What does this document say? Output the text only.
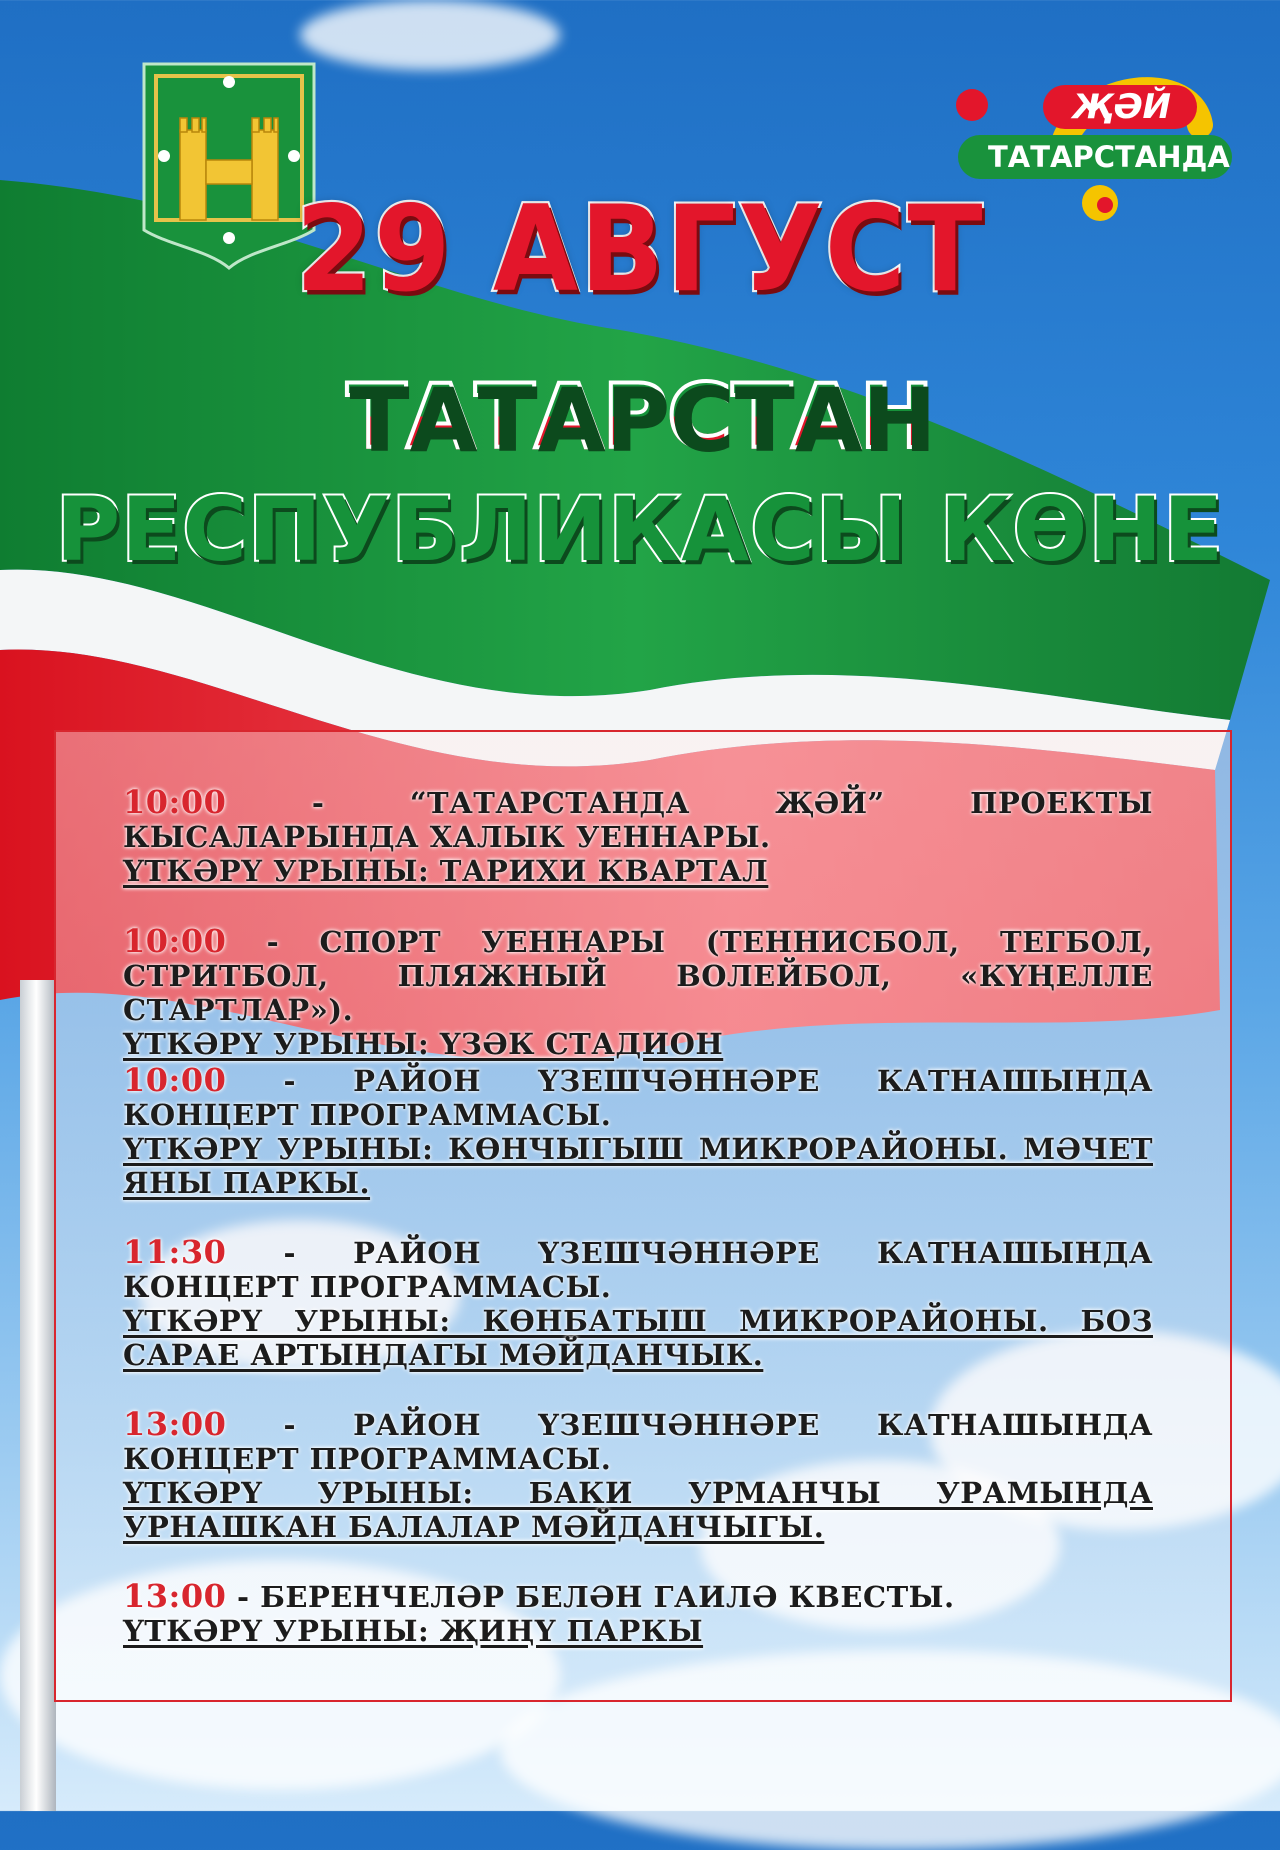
ҖӘЙ
ТАТАРСТАНДА
29 АВГУСТ
ТАТАРСТАН
РЕСПУБЛИКАСЫ КӨНЕ
10:00 - “ТАТАРСТАНДА ҖӘЙ” ПРОЕКТЫ КЫСАЛАРЫНДА ХАЛЫК УЕННАРЫ.
ҮТКӘРҮ УРЫНЫ: ТАРИХИ КВАРТАЛ
10:00 - СПОРТ УЕННАРЫ (ТЕННИСБОЛ, ТЕГБОЛ, СТРИТБОЛ, ПЛЯЖНЫЙ ВОЛЕЙБОЛ, «КҮҢЕЛЛЕ СТАРТЛАР»).
ҮТКӘРҮ УРЫНЫ: ҮЗӘК СТАДИОН
10:00 - РАЙОН ҮЗЕШЧӘННӘРЕ КАТНАШЫНДА КОНЦЕРТ ПРОГРАММАСЫ.
ҮТКӘРҮ УРЫНЫ: КӨНЧЫГЫШ МИКРОРАЙОНЫ. МӘЧЕТ ЯНЫ ПАРКЫ.
11:30 - РАЙОН ҮЗЕШЧӘННӘРЕ КАТНАШЫНДА КОНЦЕРТ ПРОГРАММАСЫ.
ҮТКӘРҮ УРЫНЫ: КӨНБАТЫШ МИКРОРАЙОНЫ. БОЗ САРАЕ АРТЫНДАГЫ МӘЙДАНЧЫК.
13:00 - РАЙОН ҮЗЕШЧӘННӘРЕ КАТНАШЫНДА КОНЦЕРТ ПРОГРАММАСЫ.
ҮТКӘРҮ УРЫНЫ: БАКИ УРМАНЧЫ УРАМЫНДА УРНАШКАН БАЛАЛАР МӘЙДАНЧЫГЫ.
13:00 - БЕРЕНЧЕЛӘР БЕЛӘН ГАИЛӘ КВЕСТЫ.
ҮТКӘРҮ УРЫНЫ: ҖИҢҮ ПАРКЫ
